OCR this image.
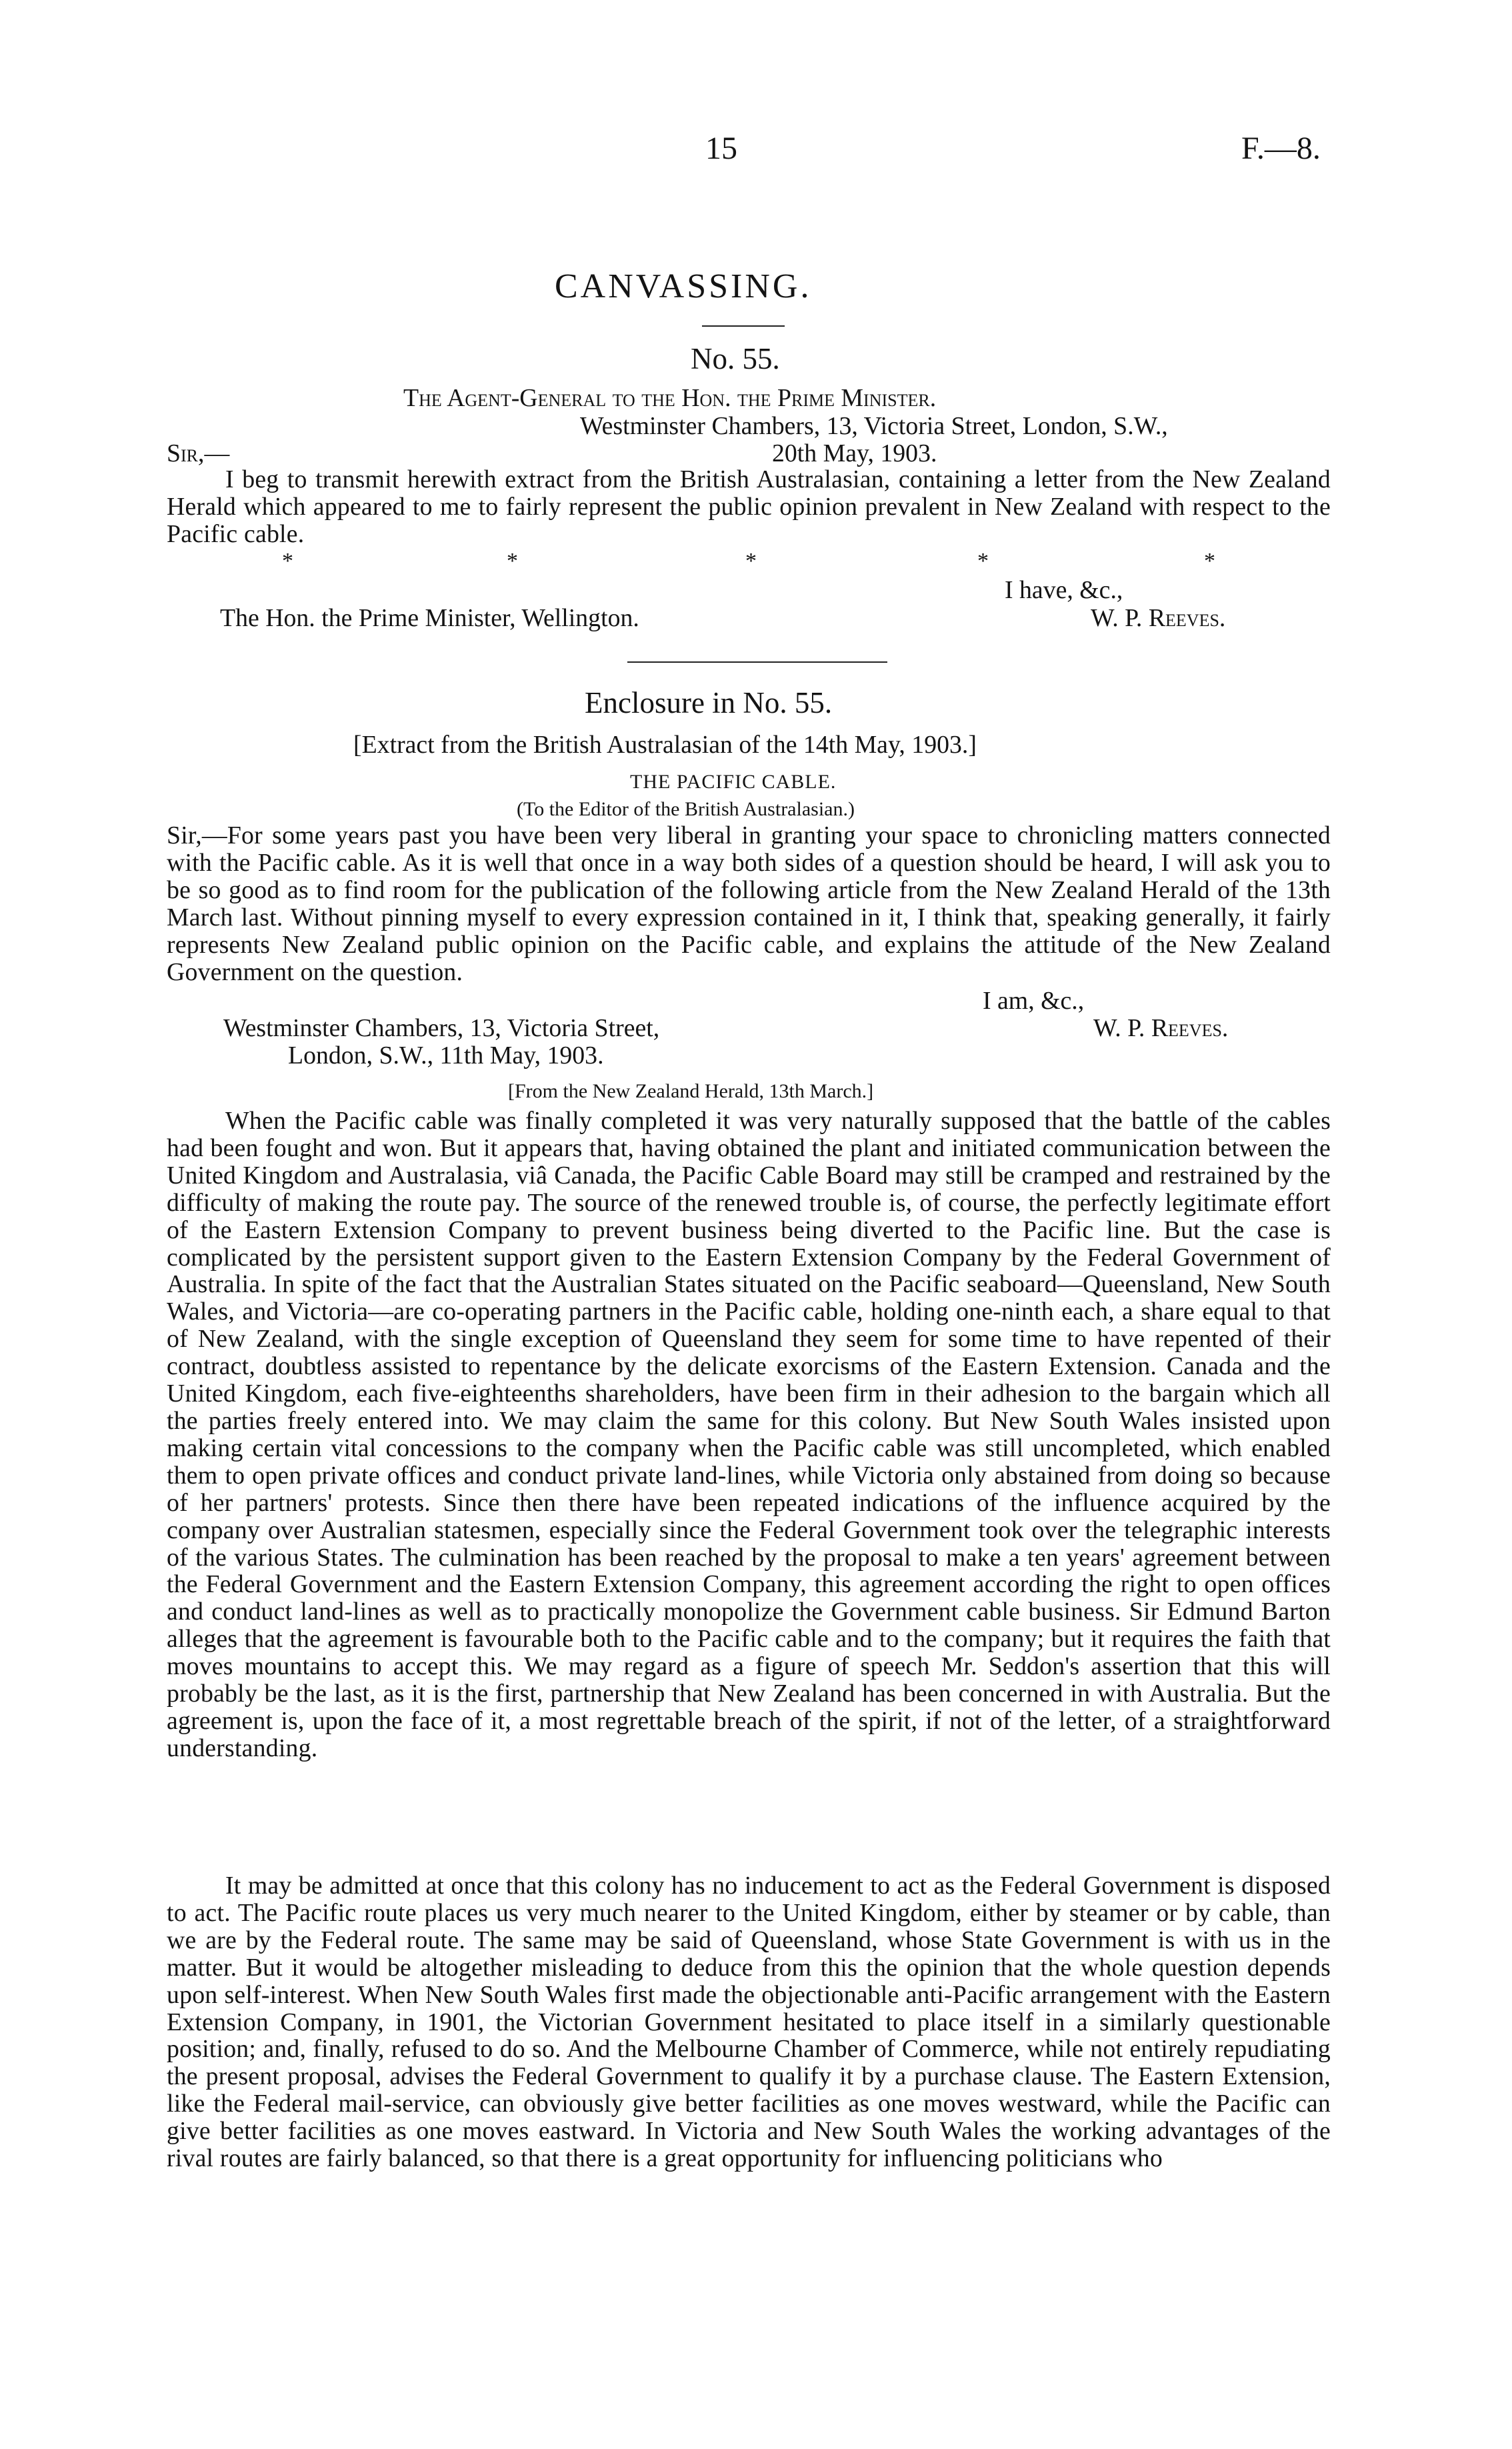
15	F.—8.
CANVASSING.
No. 55.
The Agent-General to the Hon. the Prime Minister.
Westminster Chambers, 13, Victoria Street, London, S.W.,
Sir,—	20th May, 1903.

I beg to transmit herewith extract from the British Australasian, containing a letter from the New Zealand Herald which appeared to me to fairly represent the public opinion prevalent in New Zealand with respect to the Pacific cable.

*	*	*	*	*
I have, &c.,
The Hon. the Prime Minister, Wellington.	W. P. Reeves.
Enclosure in No. 55.
[Extract from the British Australasian of the 14th May, 1903.]
THE PACIFIC CABLE.
(To the Editor of the British Australasian.)

Sir,—For some years past you have been very liberal in granting your space to chronicling matters connected with the Pacific cable. As it is well that once in a way both sides of a question should be heard, I will ask you to be so good as to find room for the publication of the following article from the New Zealand Herald of the 13th March last. Without pinning myself to every expression contained in it, I think that, speaking generally, it fairly represents New Zealand public opinion on the Pacific cable, and explains the attitude of the New Zealand Government on the question.

I am, &c.,
Westminster Chambers, 13, Victoria Street,	W. P. Reeves.
London, S.W., 11th May, 1903.
[From the New Zealand Herald, 13th March.]

When the Pacific cable was finally completed it was very naturally supposed that the battle of the cables had been fought and won. But it appears that, having obtained the plant and initiated communication between the United Kingdom and Australasia, viâ Canada, the Pacific Cable Board may still be cramped and restrained by the difficulty of making the route pay. The source of the renewed trouble is, of course, the perfectly legitimate effort of the Eastern Extension Company to prevent business being diverted to the Pacific line. But the case is complicated by the persistent support given to the Eastern Extension Company by the Federal Government of Australia. In spite of the fact that the Australian States situated on the Pacific seaboard—Queensland, New South Wales, and Victoria—are co-operating partners in the Pacific cable, holding one-ninth each, a share equal to that of New Zealand, with the single exception of Queensland they seem for some time to have repented of their contract, doubtless assisted to repentance by the delicate exorcisms of the Eastern Extension. Canada and the United Kingdom, each five-eighteenths shareholders, have been firm in their adhesion to the bargain which all the parties freely entered into. We may claim the same for this colony. But New South Wales insisted upon making certain vital concessions to the company when the Pacific cable was still uncompleted, which enabled them to open private offices and conduct private land-lines, while Victoria only abstained from doing so because of her partners' protests. Since then there have been repeated indications of the influence acquired by the company over Australian statesmen, especially since the Federal Government took over the telegraphic interests of the various States. The culmination has been reached by the proposal to make a ten years' agreement between the Federal Government and the Eastern Extension Company, this agreement according the right to open offices and conduct land-lines as well as to practically monopolize the Government cable business. Sir Edmund Barton alleges that the agreement is favourable both to the Pacific cable and to the company; but it requires the faith that moves mountains to accept this. We may regard as a figure of speech Mr. Seddon's assertion that this will probably be the last, as it is the first, partnership that New Zealand has been concerned in with Australia. But the agreement is, upon the face of it, a most regrettable breach of the spirit, if not of the letter, of a straightforward understanding.

It may be admitted at once that this colony has no inducement to act as the Federal Government is disposed to act. The Pacific route places us very much nearer to the United Kingdom, either by steamer or by cable, than we are by the Federal route. The same may be said of Queensland, whose State Government is with us in the matter. But it would be altogether misleading to deduce from this the opinion that the whole question depends upon self-interest. When New South Wales first made the objectionable anti-Pacific arrangement with the Eastern Extension Company, in 1901, the Victorian Government hesitated to place itself in a similarly questionable position; and, finally, refused to do so. And the Melbourne Chamber of Commerce, while not entirely repudiating the present proposal, advises the Federal Government to qualify it by a purchase clause. The Eastern Extension, like the Federal mail-service, can obviously give better facilities as one moves westward, while the Pacific can give better facilities as one moves eastward. In Victoria and New South Wales the working advantages of the rival routes are fairly balanced, so that there is a great opportunity for influencing politicians who
